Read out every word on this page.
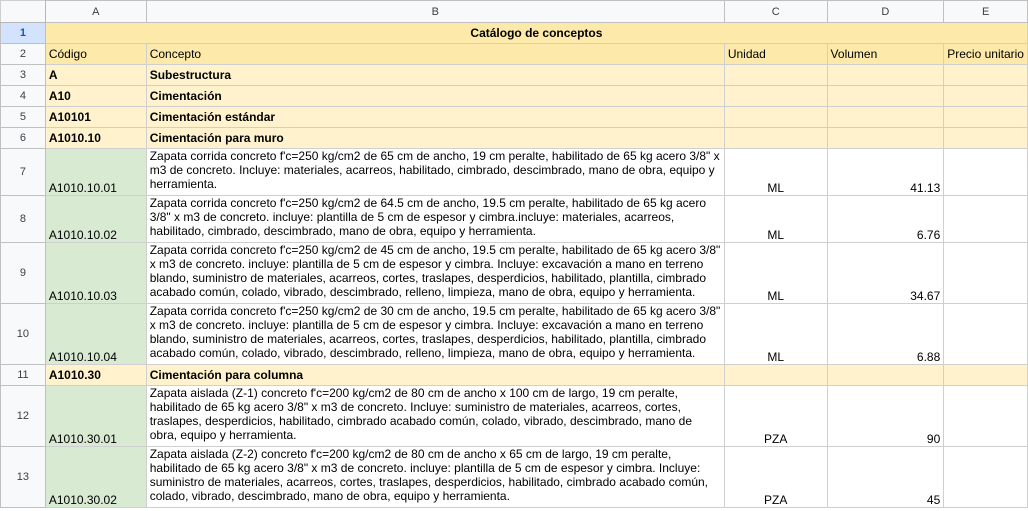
	A	B	C	D	E
1	Catálogo de conceptos				
2	Código	Concepto	Unidad	Volumen	Precio unitario
3	A	Subestructura			
4	A10	Cimentación			
5	A10101	Cimentación estándar			
6	A1010.10	Cimentación para muro			
7	A1010.10.01	Zapata corrida concreto f'c=250 kg/cm2 de 65 cm de ancho, 19 cm peralte, habilitado de 65 kg acero 3/8" x m3 de concreto. Incluye: materiales, acarreos, habilitado, cimbrado, descimbrado, mano de obra, equipo y herramienta.	ML	41.13	
8	A1010.10.02	Zapata corrida concreto f'c=250 kg/cm2 de 64.5 cm de ancho, 19.5 cm peralte, habilitado de 65 kg acero 3/8" x m3 de concreto. incluye: plantilla de 5 cm de espesor y cimbra.incluye: materiales, acarreos, habilitado, cimbrado, descimbrado, mano de obra, equipo y herramienta.	ML	6.76	
9	A1010.10.03	Zapata corrida concreto f'c=250 kg/cm2 de 45 cm de ancho, 19.5 cm peralte, habilitado de 65 kg acero 3/8" x m3 de concreto. incluye: plantilla de 5 cm de espesor y cimbra. Incluye: excavación a mano en terreno blando, suministro de materiales, acarreos, cortes, traslapes, desperdicios, habilitado, plantilla, cimbrado acabado común, colado, vibrado, descimbrado, relleno, limpieza, mano de obra, equipo y herramienta.	ML	34.67	
10	A1010.10.04	Zapata corrida concreto f'c=250 kg/cm2 de 30 cm de ancho, 19.5 cm peralte, habilitado de 65 kg acero 3/8" x m3 de concreto. incluye: plantilla de 5 cm de espesor y cimbra. Incluye: excavación a mano en terreno blando, suministro de materiales, acarreos, cortes, traslapes, desperdicios, habilitado, plantilla, cimbrado acabado común, colado, vibrado, descimbrado, relleno, limpieza, mano de obra, equipo y herramienta.	ML	6.88	
11	A1010.30	Cimentación para columna			
12	A1010.30.01	Zapata aislada (Z-1) concreto f'c=200 kg/cm2 de 80 cm de ancho x 100 cm de largo, 19 cm peralte, habilitado de 65 kg acero 3/8" x m3 de concreto. Incluye: suministro de materiales, acarreos, cortes, traslapes, desperdicios, habilitado, cimbrado acabado común, colado, vibrado, descimbrado, mano de obra, equipo y herramienta.	PZA	90	
13	A1010.30.02	Zapata aislada (Z-2) concreto f'c=200 kg/cm2 de 80 cm de ancho x 65 cm de largo, 19 cm peralte, habilitado de 65 kg acero 3/8" x m3 de concreto. incluye: plantilla de 5 cm de espesor y cimbra. Incluye: suministro de materiales, acarreos, cortes, traslapes, desperdicios, habilitado, cimbrado acabado común, colado, vibrado, descimbrado, mano de obra, equipo y herramienta.	PZA	45	
